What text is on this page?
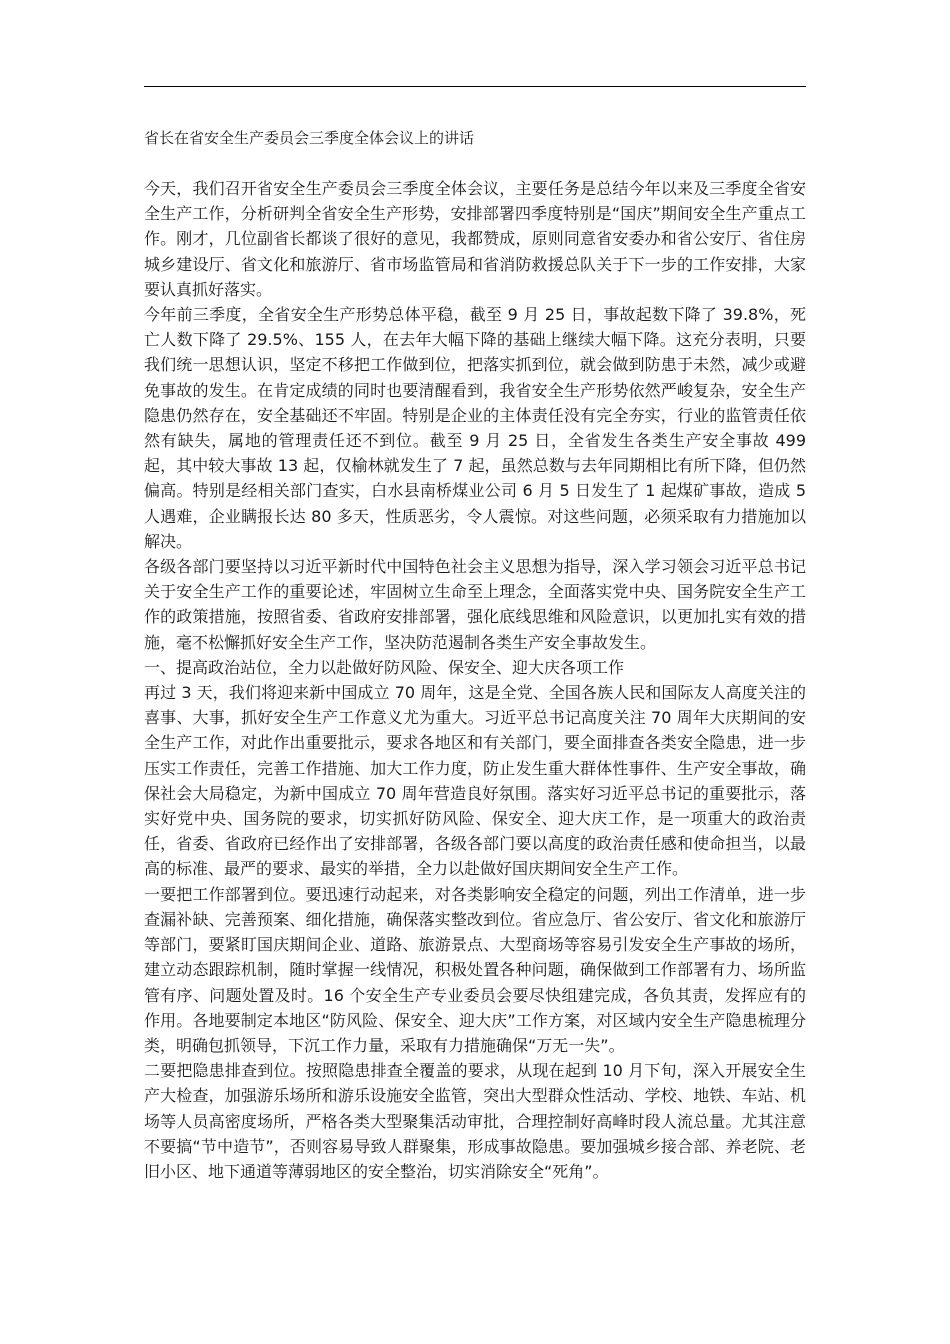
省长在省安全生产委员会三季度全体会议上的讲话

今天，我们召开省安全生产委员会三季度全体会议，主要任务是总结今年以来及三季度全省安全生产工作，分析研判全省安全生产形势，安排部署四季度特别是“国庆”期间安全生产重点工作。刚才，几位副省长都谈了很好的意见，我都赞成，原则同意省安委办和省公安厅、省住房城乡建设厅、省文化和旅游厅、省市场监管局和省消防救援总队关于下一步的工作安排，大家要认真抓好落实。

今年前三季度，全省安全生产形势总体平稳，截至 9 月 25 日，事故起数下降了 39.8%，死亡人数下降了 29.5%、155 人，在去年大幅下降的基础上继续大幅下降。这充分表明，只要我们统一思想认识，坚定不移把工作做到位，把落实抓到位，就会做到防患于未然，减少或避免事故的发生。在肯定成绩的同时也要清醒看到，我省安全生产形势依然严峻复杂，安全生产隐患仍然存在，安全基础还不牢固。特别是企业的主体责任没有完全夯实，行业的监管责任依然有缺失，属地的管理责任还不到位。截至 9 月 25 日，全省发生各类生产安全事故 499 起，其中较大事故 13 起，仅榆林就发生了 7 起，虽然总数与去年同期相比有所下降，但仍然偏高。特别是经相关部门查实，白水县南桥煤业公司 6 月 5 日发生了 1 起煤矿事故，造成 5 人遇难，企业瞒报长达 80 多天，性质恶劣，令人震惊。对这些问题，必须采取有力措施加以解决。

各级各部门要坚持以习近平新时代中国特色社会主义思想为指导，深入学习领会习近平总书记关于安全生产工作的重要论述，牢固树立生命至上理念，全面落实党中央、国务院安全生产工作的政策措施，按照省委、省政府安排部署，强化底线思维和风险意识，以更加扎实有效的措施，毫不松懈抓好安全生产工作，坚决防范遏制各类生产安全事故发生。

一、提高政治站位，全力以赴做好防风险、保安全、迎大庆各项工作

再过 3 天，我们将迎来新中国成立 70 周年，这是全党、全国各族人民和国际友人高度关注的喜事、大事，抓好安全生产工作意义尤为重大。习近平总书记高度关注 70 周年大庆期间的安全生产工作，对此作出重要批示，要求各地区和有关部门，要全面排查各类安全隐患，进一步压实工作责任，完善工作措施、加大工作力度，防止发生重大群体性事件、生产安全事故，确保社会大局稳定，为新中国成立 70 周年营造良好氛围。落实好习近平总书记的重要批示，落实好党中央、国务院的要求，切实抓好防风险、保安全、迎大庆工作，是一项重大的政治责任，省委、省政府已经作出了安排部署，各级各部门要以高度的政治责任感和使命担当，以最高的标准、最严的要求、最实的举措，全力以赴做好国庆期间安全生产工作。

一要把工作部署到位。要迅速行动起来，对各类影响安全稳定的问题，列出工作清单，进一步查漏补缺、完善预案、细化措施，确保落实整改到位。省应急厅、省公安厅、省文化和旅游厅等部门，要紧盯国庆期间企业、道路、旅游景点、大型商场等容易引发安全生产事故的场所，建立动态跟踪机制，随时掌握一线情况，积极处置各种问题，确保做到工作部署有力、场所监管有序、问题处置及时。16 个安全生产专业委员会要尽快组建完成，各负其责，发挥应有的作用。各地要制定本地区“防风险、保安全、迎大庆”工作方案，对区域内安全生产隐患梳理分类，明确包抓领导，下沉工作力量，采取有力措施确保“万无一失”。

二要把隐患排查到位。按照隐患排查全覆盖的要求，从现在起到 10 月下旬，深入开展安全生产大检查，加强游乐场所和游乐设施安全监管，突出大型群众性活动、学校、地铁、车站、机场等人员高密度场所，严格各类大型聚集活动审批，合理控制好高峰时段人流总量。尤其注意不要搞“节中造节”，否则容易导致人群聚集，形成事故隐患。要加强城乡接合部、养老院、老旧小区、地下通道等薄弱地区的安全整治，切实消除安全“死角”。
